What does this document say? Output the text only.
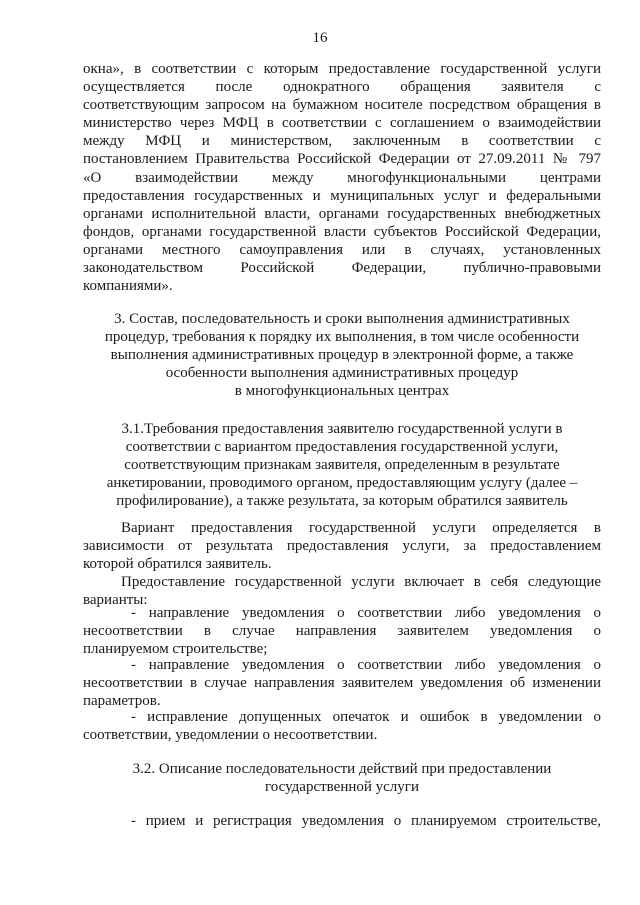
16
окна», в соответствии с которым предоставление государственной услуги
осуществляется после однократного обращения заявителя с
соответствующим запросом на бумажном носителе посредством обращения в
министерство через МФЦ в соответствии с соглашением о взаимодействии
между МФЦ и министерством, заключенным в соответствии с
постановлением Правительства Российской Федерации от 27.09.2011 № 797
«О взаимодействии между многофункциональными центрами
предоставления государственных и муниципальных услуг и федеральными
органами исполнительной власти, органами государственных внебюджетных
фондов, органами государственной власти субъектов Российской Федерации,
органами местного самоуправления или в случаях, установленных
законодательством Российской Федерации, публично-правовыми
компаниями».
3. Состав, последовательность и сроки выполнения административных
процедур, требования к порядку их выполнения, в том числе особенности
выполнения административных процедур в электронной форме, а также
особенности выполнения административных процедур
в многофункциональных центрах
3.1.Требования предоставления заявителю государственной услуги в
соответствии с вариантом предоставления государственной услуги,
соответствующим признакам заявителя, определенным в результате
анкетировании, проводимого органом, предоставляющим услугу (далее –
профилирование), а также результата, за которым обратился заявитель
Вариант предоставления государственной услуги определяется в
зависимости от результата предоставления услуги, за предоставлением
которой обратился заявитель.
Предоставление государственной услуги включает в себя следующие
варианты:
- направление уведомления о соответствии либо уведомления о
несоответствии в случае направления заявителем уведомления о
планируемом строительстве;
- направление уведомления о соответствии либо уведомления о
несоответствии в случае направления заявителем уведомления об изменении
параметров.
- исправление допущенных опечаток и ошибок в уведомлении о
соответствии, уведомлении о несоответствии.
3.2. Описание последовательности действий при предоставлении
государственной услуги
- прием и регистрация уведомления о планируемом строительстве,
